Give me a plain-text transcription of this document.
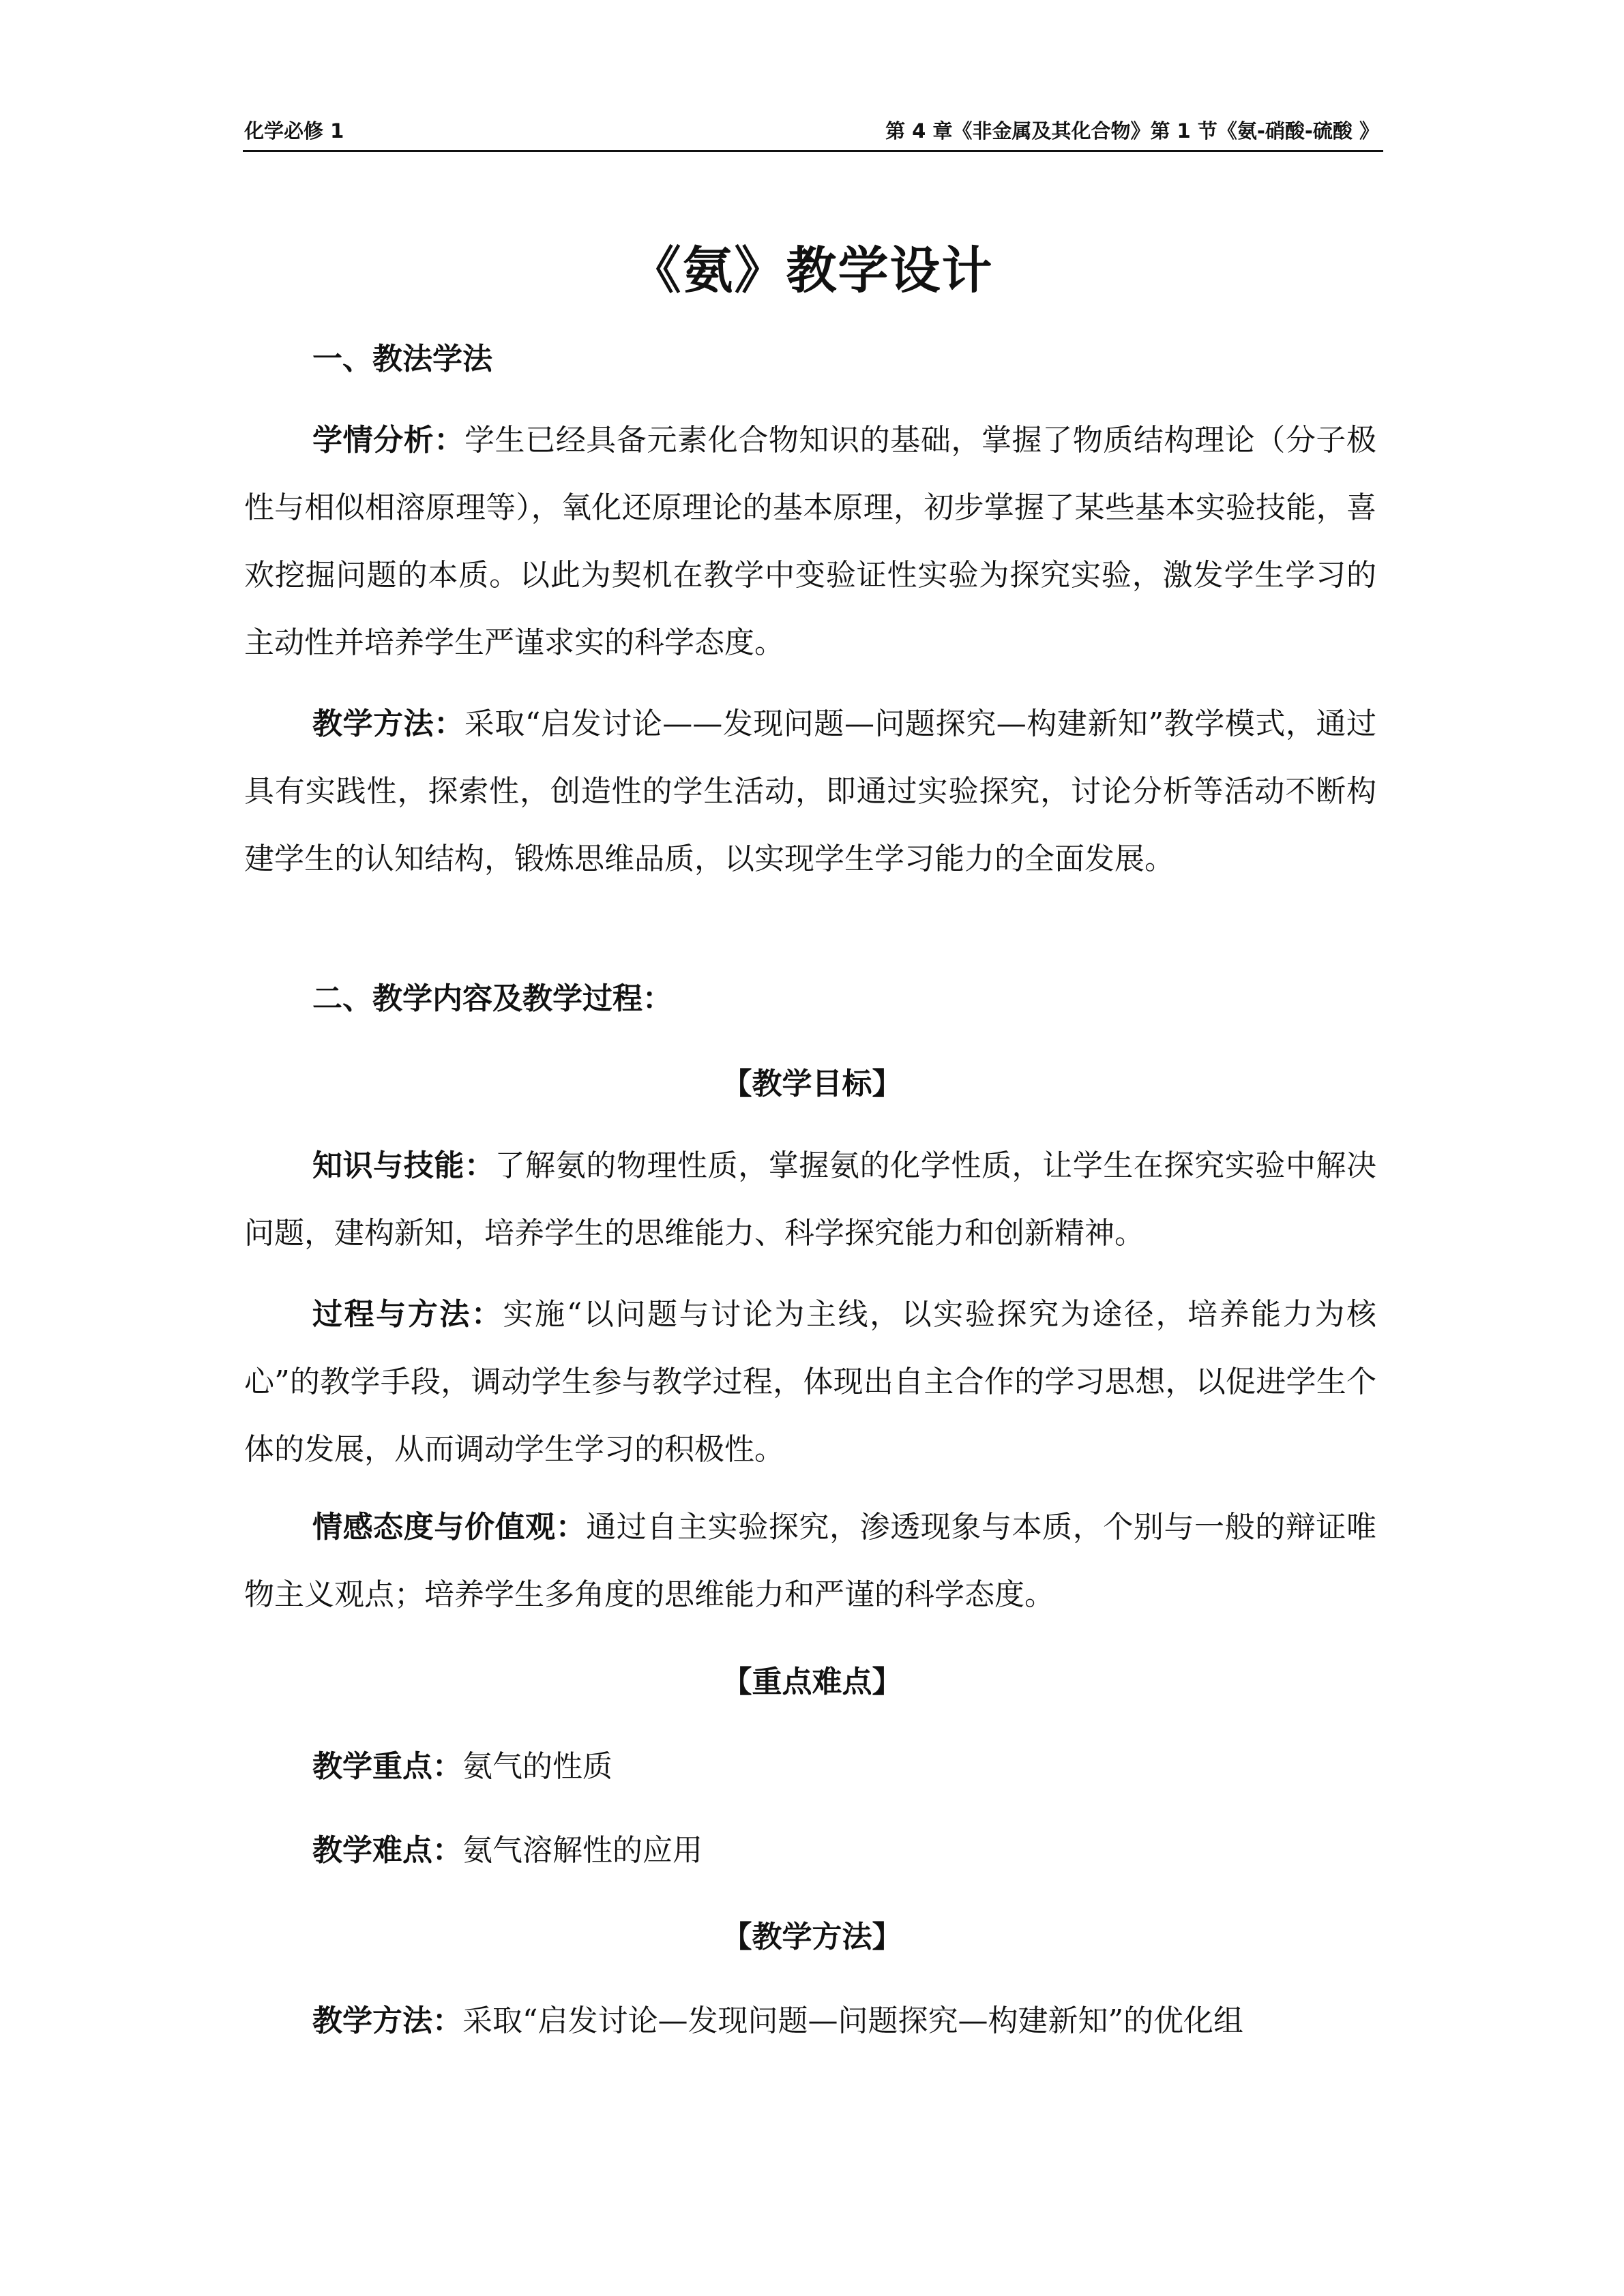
化学必修 1	第 4 章《非金属及其化合物》第 1 节《氨-硝酸-硫酸 》
《氨》教学设计
一、教法学法
学情分析：学生已经具备元素化合物知识的基础，掌握了物质结构理论（分子极性与相似相溶原理等），氧化还原理论的基本原理，初步掌握了某些基本实验技能，喜欢挖掘问题的本质。以此为契机在教学中变验证性实验为探究实验，激发学生学习的主动性并培养学生严谨求实的科学态度。
教学方法：采取“启发讨论——发现问题—问题探究—构建新知”教学模式，通过具有实践性，探索性，创造性的学生活动，即通过实验探究，讨论分析等活动不断构建学生的认知结构，锻炼思维品质，以实现学生学习能力的全面发展。
二、教学内容及教学过程：
【教学目标】
知识与技能：了解氨的物理性质，掌握氨的化学性质，让学生在探究实验中解决问题，建构新知，培养学生的思维能力、科学探究能力和创新精神。
过程与方法：实施“以问题与讨论为主线，以实验探究为途径，培养能力为核心”的教学手段，调动学生参与教学过程，体现出自主合作的学习思想，以促进学生个体的发展，从而调动学生学习的积极性。
情感态度与价值观：通过自主实验探究，渗透现象与本质，个别与一般的辩证唯物主义观点；培养学生多角度的思维能力和严谨的科学态度。
【重点难点】
教学重点：氨气的性质
教学难点：氨气溶解性的应用
【教学方法】
教学方法：采取“启发讨论—发现问题—问题探究—构建新知”的优化组
